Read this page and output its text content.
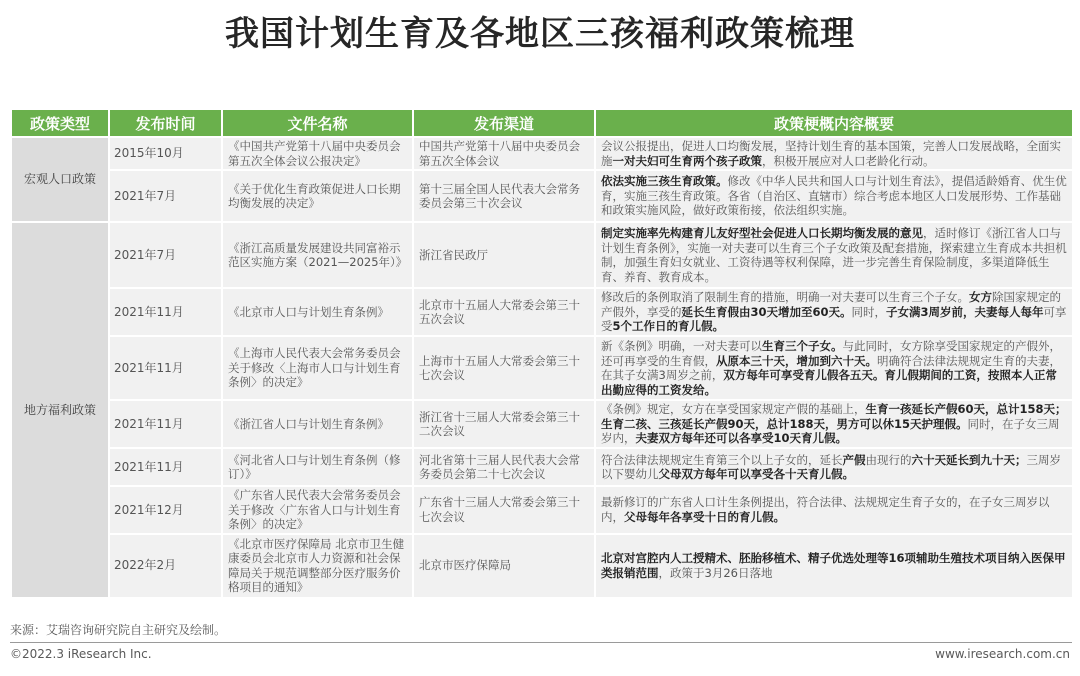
我国计划生育及各地区三孩福利政策梳理
政策类型	发布时间	文件名称	发布渠道	政策梗概内容概要
宏观人口政策	2015年10月	《中国共产党第十八届中央委员会第五次全体会议公报决定》	中国共产党第十八届中央委员会第五次全体会议	会议公报提出，促进人口均衡发展，坚持计划生育的基本国策，完善人口发展战略，全面实施一对夫妇可生育两个孩子政策，积极开展应对人口老龄化行动。
	2021年7月	《关于优化生育政策促进人口长期均衡发展的决定》	第十三届全国人民代表大会常务委员会第三十次会议	依法实施三孩生育政策。修改《中华人民共和国人口与计划生育法》，提倡适龄婚育、优生优育，实施三孩生育政策。各省（自治区、直辖市）综合考虑本地区人口发展形势、工作基础和政策实施风险，做好政策衔接，依法组织实施。
地方福利政策	2021年7月	《浙江高质量发展建设共同富裕示范区实施方案（2021—2025年）》	浙江省民政厅	制定实施率先构建育儿友好型社会促进人口长期均衡发展的意见，适时修订《浙江省人口与计划生育条例》，实施一对夫妻可以生育三个子女政策及配套措施，探索建立生育成本共担机制，加强生育妇女就业、工资待遇等权利保障，进一步完善生育保险制度，多渠道降低生育、养育、教育成本。
	2021年11月	《北京市人口与计划生育条例》	北京市十五届人大常委会第三十五次会议	修改后的条例取消了限制生育的措施，明确一对夫妻可以生育三个子女。女方除国家规定的产假外，享受的延长生育假由30天增加至60天。同时，子女满3周岁前，夫妻每人每年可享受5个工作日的育儿假。
	2021年11月	《上海市人民代表大会常务委员会关于修改〈上海市人口与计划生育条例〉的决定》	上海市十五届人大常委会第三十七次会议	新《条例》明确，一对夫妻可以生育三个子女。与此同时，女方除享受国家规定的产假外，还可再享受的生育假，从原本三十天，增加到六十天。明确符合法律法规规定生育的夫妻，在其子女满3周岁之前，双方每年可享受育儿假各五天。育儿假期间的工资，按照本人正常出勤应得的工资发给。
	2021年11月	《浙江省人口与计划生育条例》	浙江省十三届人大常委会第三十二次会议	《条例》规定，女方在享受国家规定产假的基础上，生育一孩延长产假60天，总计158天；生育二孩、三孩延长产假90天，总计188天，男方可以休15天护理假。同时，在子女三周岁内，夫妻双方每年还可以各享受10天育儿假。
	2021年11月	《河北省人口与计划生育条例（修订）》	河北省第十三届人民代表大会常务委员会第二十七次会议	符合法律法规规定生育第三个以上子女的，延长产假由现行的六十天延长到九十天；三周岁以下婴幼儿父母双方每年可以享受各十天育儿假。
	2021年12月	《广东省人民代表大会常务委员会关于修改〈广东省人口与计划生育条例〉的决定》	广东省十三届人大常委会第三十七次会议	最新修订的广东省人口计生条例提出，符合法律、法规规定生育子女的，在子女三周岁以内，父母每年各享受十日的育儿假。
	2022年2月	《北京市医疗保障局 北京市卫生健康委员会北京市人力资源和社会保障局关于规范调整部分医疗服务价格项目的通知》	北京市医疗保障局	北京对宫腔内人工授精术、胚胎移植术、精子优选处理等16项辅助生殖技术项目纳入医保甲类报销范围，政策于3月26日落地
来源：艾瑞咨询研究院自主研究及绘制。
©2022.3 iResearch Inc.	www.iresearch.com.cn
